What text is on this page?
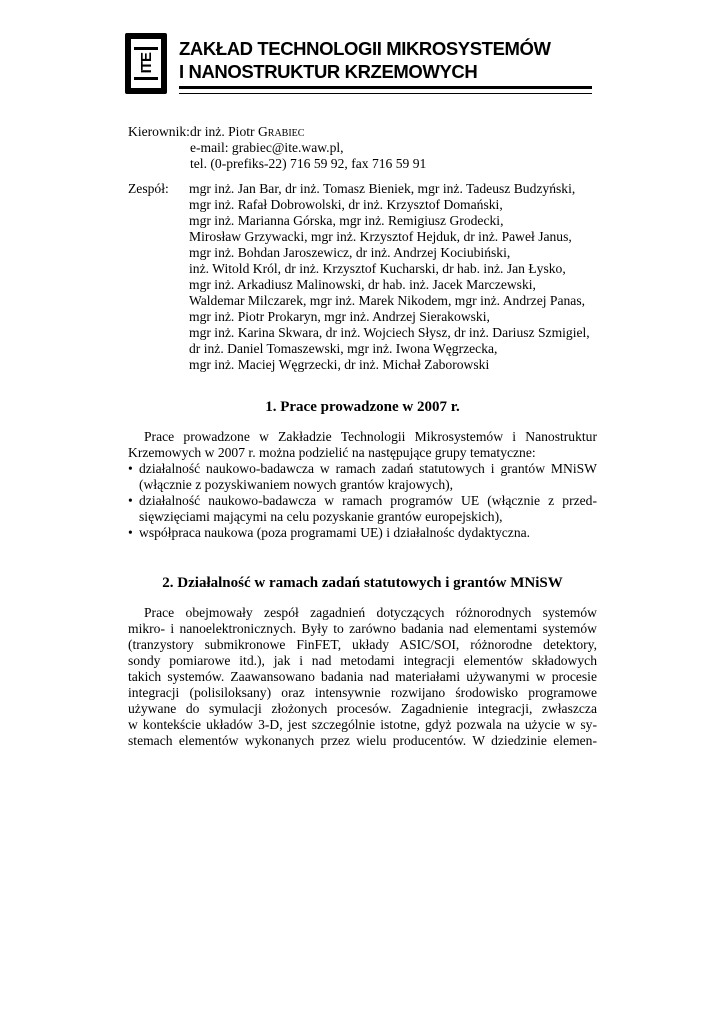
ITE
ZAKŁAD TECHNOLOGII MIKROSYSTEMÓW
I NANOSTRUKTUR KRZEMOWYCH
Kierownik: dr inż. Piotr Grabiec
e-mail: grabiec@ite.waw.pl,
tel. (0-prefiks-22) 716 59 92, fax 716 59 91
Zespół: mgr inż. Jan Bar, dr inż. Tomasz Bieniek, mgr inż. Tadeusz Budzyński,
mgr inż. Rafał Dobrowolski, dr inż. Krzysztof Domański,
mgr inż. Marianna Górska, mgr inż. Remigiusz Grodecki,
Mirosław Grzywacki, mgr inż. Krzysztof Hejduk, dr inż. Paweł Janus,
mgr inż. Bohdan Jaroszewicz, dr inż. Andrzej Kociubiński,
inż. Witold Król, dr inż. Krzysztof Kucharski, dr hab. inż. Jan Łysko,
mgr inż. Arkadiusz Malinowski, dr hab. inż. Jacek Marczewski,
Waldemar Milczarek, mgr inż. Marek Nikodem, mgr inż. Andrzej Panas,
mgr inż. Piotr Prokaryn, mgr inż. Andrzej Sierakowski,
mgr inż. Karina Skwara, dr inż. Wojciech Słysz, dr inż. Dariusz Szmigiel,
dr inż. Daniel Tomaszewski, mgr inż. Iwona Węgrzecka,
mgr inż. Maciej Węgrzecki, dr inż. Michał Zaborowski
1. Prace prowadzone w 2007 r.
Prace prowadzone w Zakładzie Technologii Mikrosystemów i Nanostruktur
Krzemowych w 2007 r. można podzielić na następujące grupy tematyczne:
• działalność naukowo-badawcza w ramach zadań statutowych i grantów MNiSW
(włącznie z pozyskiwaniem nowych grantów krajowych),
• działalność naukowo-badawcza w ramach programów UE (włącznie z przed-
sięwzięciami mającymi na celu pozyskanie grantów europejskich),
• współpraca naukowa (poza programami UE) i działalnośc dydaktyczna.
2. Działalność w ramach zadań statutowych i grantów MNiSW
Prace obejmowały zespół zagadnień dotyczących różnorodnych systemów
mikro- i nanoelektronicznych. Były to zarówno badania nad elementami systemów
(tranzystory submikronowe FinFET, układy ASIC/SOI, różnorodne detektory,
sondy pomiarowe itd.), jak i nad metodami integracji elementów składowych
takich systemów. Zaawansowano badania nad materiałami używanymi w procesie
integracji (polisiloksany) oraz intensywnie rozwijano środowisko programowe
używane do symulacji złożonych procesów. Zagadnienie integracji, zwłaszcza
w kontekście układów 3-D, jest szczególnie istotne, gdyż pozwala na użycie w sy-
stemach elementów wykonanych przez wielu producentów. W dziedzinie elemen-
